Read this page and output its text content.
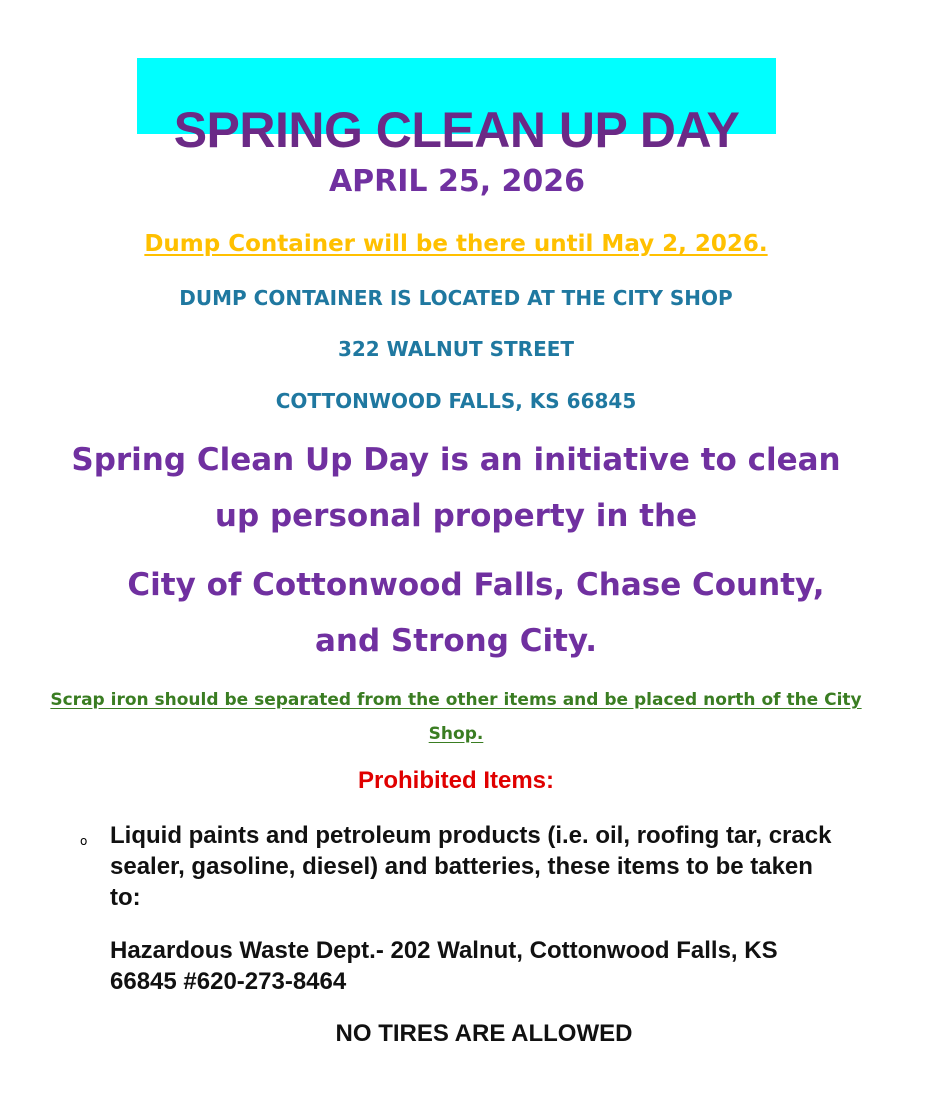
SPRING CLEAN UP DAY
APRIL 25, 2026
Dump Container will be there until May 2, 2026.
DUMP CONTAINER IS LOCATED AT THE CITY SHOP
322 WALNUT STREET
COTTONWOOD FALLS, KS 66845
Spring Clean Up Day is an initiative to clean
up personal property in the
City of Cottonwood Falls, Chase County,
and Strong City.
Scrap iron should be separated from the other items and be placed north of the City Shop.
Prohibited Items:
o Liquid paints and petroleum products (i.e. oil, roofing tar, crack sealer, gasoline, diesel) and batteries, these items to be taken to:
Hazardous Waste Dept.- 202 Walnut, Cottonwood Falls, KS 66845 #620-273-8464
NO TIRES ARE ALLOWED
